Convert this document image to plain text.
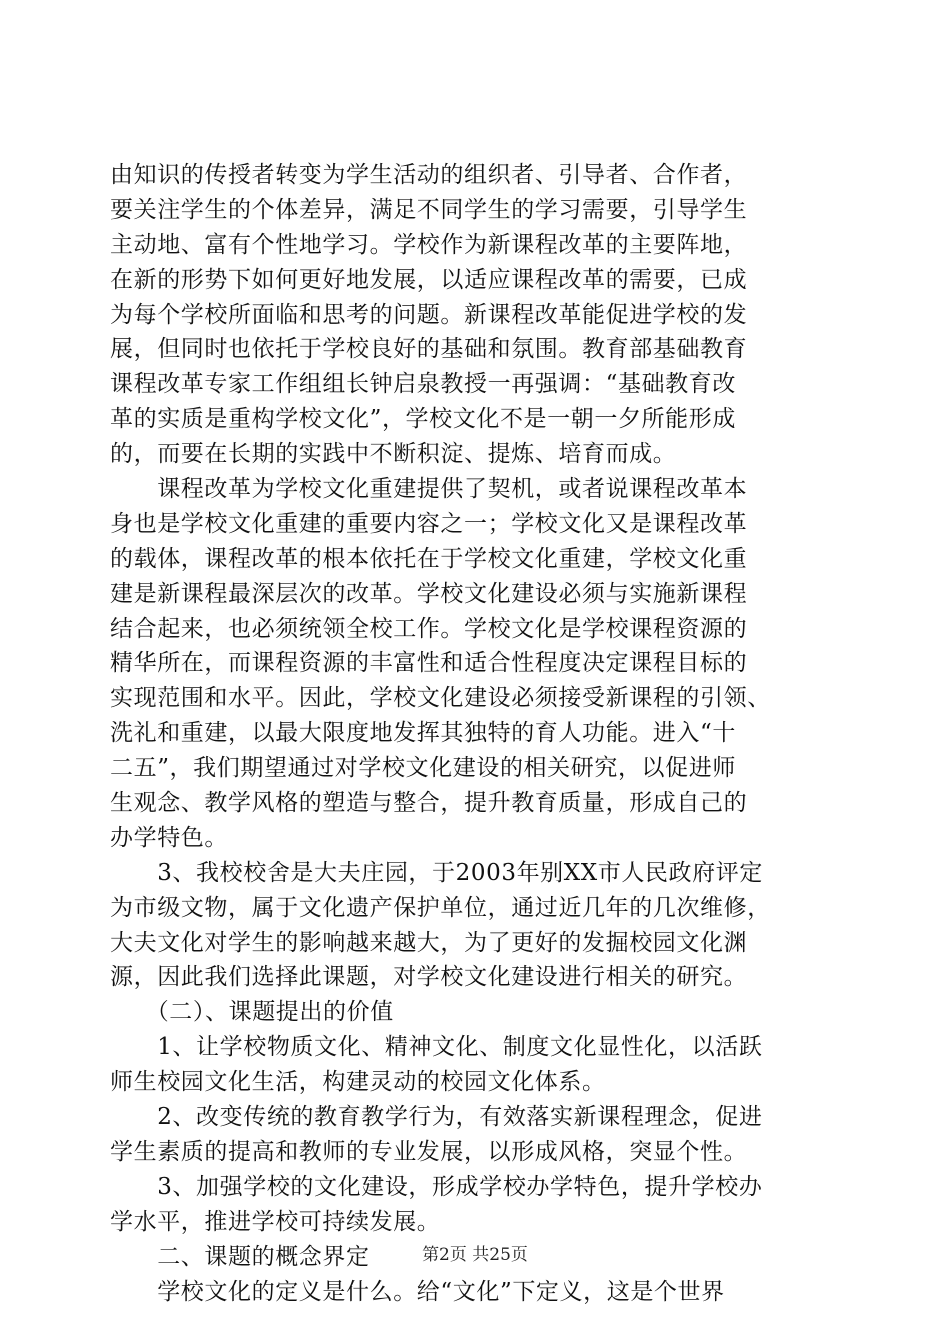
由知识的传授者转变为学生活动的组织者、引导者、合作者，
要关注学生的个体差异，满足不同学生的学习需要，引导学生
主动地、富有个性地学习。学校作为新课程改革的主要阵地，
在新的形势下如何更好地发展，以适应课程改革的需要，已成
为每个学校所面临和思考的问题。新课程改革能促进学校的发
展，但同时也依托于学校良好的基础和氛围。教育部基础教育
课程改革专家工作组组长钟启泉教授一再强调：“基础教育改
革的实质是重构学校文化”，学校文化不是一朝一夕所能形成
的，而要在长期的实践中不断积淀、提炼、培育而成。
　　课程改革为学校文化重建提供了契机，或者说课程改革本
身也是学校文化重建的重要内容之一；学校文化又是课程改革
的载体，课程改革的根本依托在于学校文化重建，学校文化重
建是新课程最深层次的改革。学校文化建设必须与实施新课程
结合起来，也必须统领全校工作。学校文化是学校课程资源的
精华所在，而课程资源的丰富性和适合性程度决定课程目标的
实现范围和水平。因此，学校文化建设必须接受新课程的引领、
洗礼和重建，以最大限度地发挥其独特的育人功能。进入“十
二五”，我们期望通过对学校文化建设的相关研究，以促进师
生观念、教学风格的塑造与整合，提升教育质量，形成自己的
办学特色。
　　3、我校校舍是大夫庄园，于2003年别XX市人民政府评定
为市级文物，属于文化遗产保护单位，通过近几年的几次维修，
大夫文化对学生的影响越来越大，为了更好的发掘校园文化渊
源，因此我们选择此课题，对学校文化建设进行相关的研究。
　　（二）、课题提出的价值
　　1、让学校物质文化、精神文化、制度文化显性化，以活跃
师生校园文化生活，构建灵动的校园文化体系。
　　2、改变传统的教育教学行为，有效落实新课程理念，促进
学生素质的提高和教师的专业发展，以形成风格，突显个性。
　　3、加强学校的文化建设，形成学校办学特色，提升学校办
学水平，推进学校可持续发展。
　　二、课题的概念界定
　　学校文化的定义是什么。给“文化”下定义，这是个世界
第2页 共25页
